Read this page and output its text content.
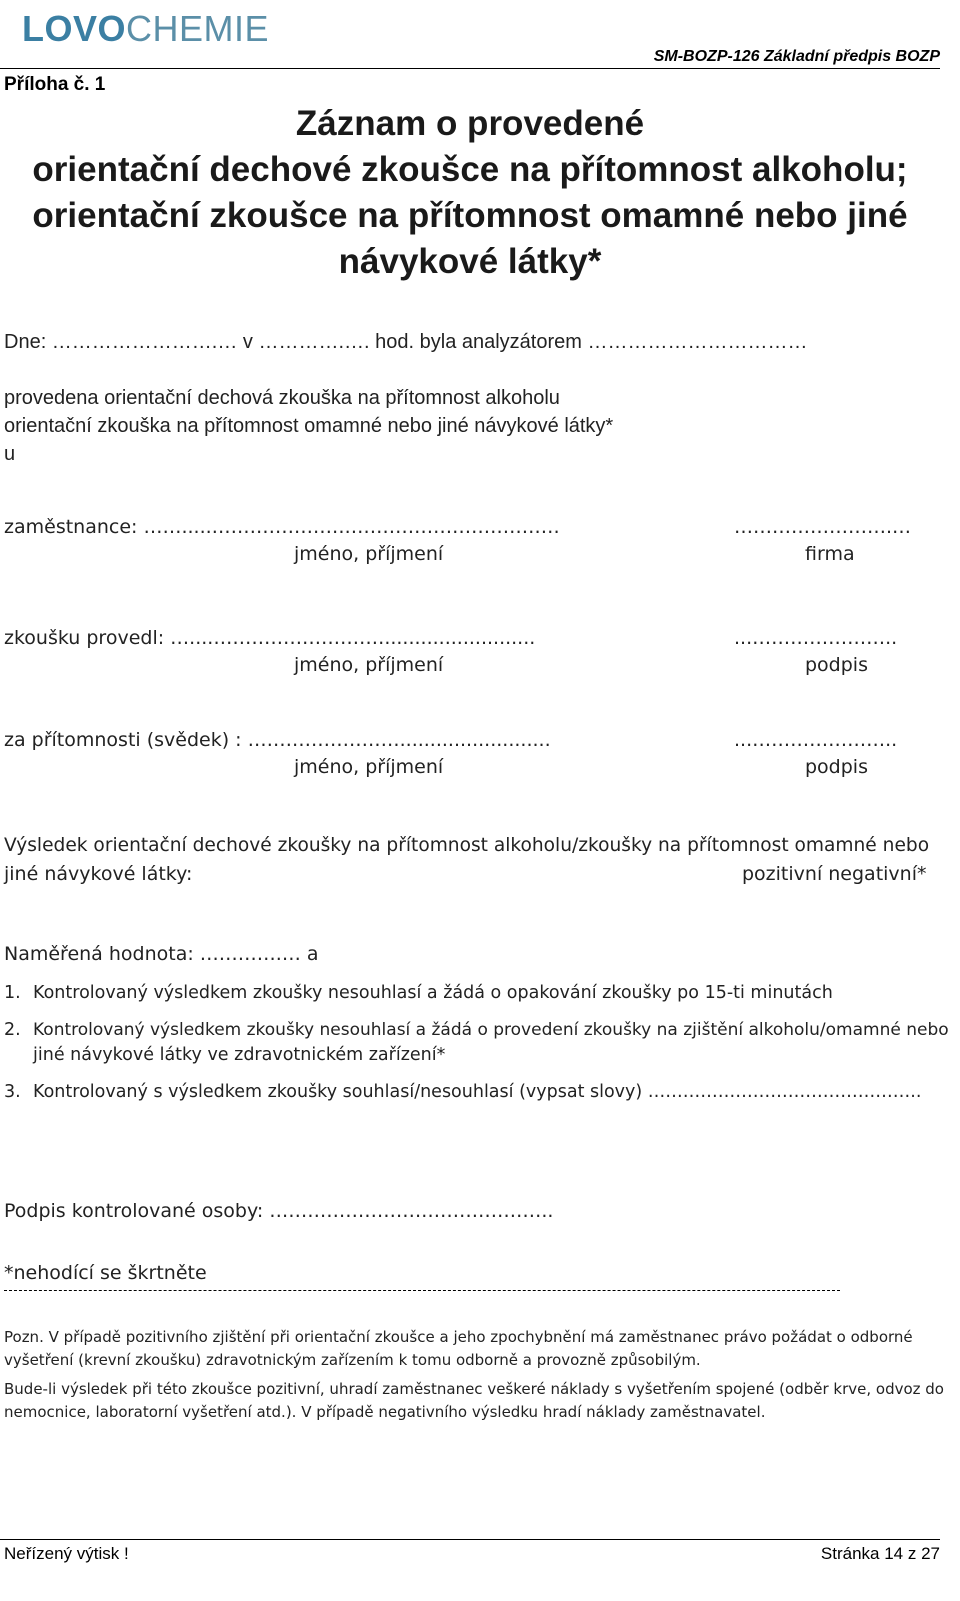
LOVOCHEMIE
SM-BOZP-126 Základní předpis BOZP
Příloha č. 1
Záznam o provedené
orientační dechové zkoušce na přítomnost alkoholu;
orientační zkoušce na přítomnost omamné nebo jiné
návykové látky*
Dne: …………………….… v ………….…. hod. byla analyzátorem ……………………………
provedena orientační dechová zkouška na přítomnost alkoholu
orientační zkouška na přítomnost omamné nebo jiné návykové látky*
u
zaměstnance: …….....………………….……………………………	…………………….…
jméno, příjmení	firma
zkoušku provedl: …....……………………….........................	...…………………..
jméno, příjmení	podpis
za přítomnosti (svědek) : …………………….........................	...…………………..
jméno, příjmení	podpis
Výsledek orientační dechové zkoušky na přítomnost alkoholu/zkoušky na přítomnost omamné nebo
jiné návykové látky:	pozitivní negativní*
Naměřená hodnota: ………….… a
1. Kontrolovaný výsledkem zkoušky nesouhlasí a žádá o opakování zkoušky po 15-ti minutách
2. Kontrolovaný výsledkem zkoušky nesouhlasí a žádá o provedení zkoušky na zjištění alkoholu/omamné nebo
jiné návykové látky ve zdravotnickém zařízení*
3. Kontrolovaný s výsledkem zkoušky souhlasí/nesouhlasí (vypsat slovy) ………………………………………..
Podpis kontrolované osoby: …………………….………………..
*nehodící se škrtněte
Pozn. V případě pozitivního zjištění při orientační zkoušce a jeho zpochybnění má zaměstnanec právo požádat o odborné
vyšetření (krevní zkoušku) zdravotnickým zařízením k tomu odborně a provozně způsobilým.
Bude-li výsledek při této zkoušce pozitivní, uhradí zaměstnanec veškeré náklady s vyšetřením spojené (odběr krve, odvoz do
nemocnice, laboratorní vyšetření atd.). V případě negativního výsledku hradí náklady zaměstnavatel.
Neřízený výtisk !	Stránka 14 z 27
